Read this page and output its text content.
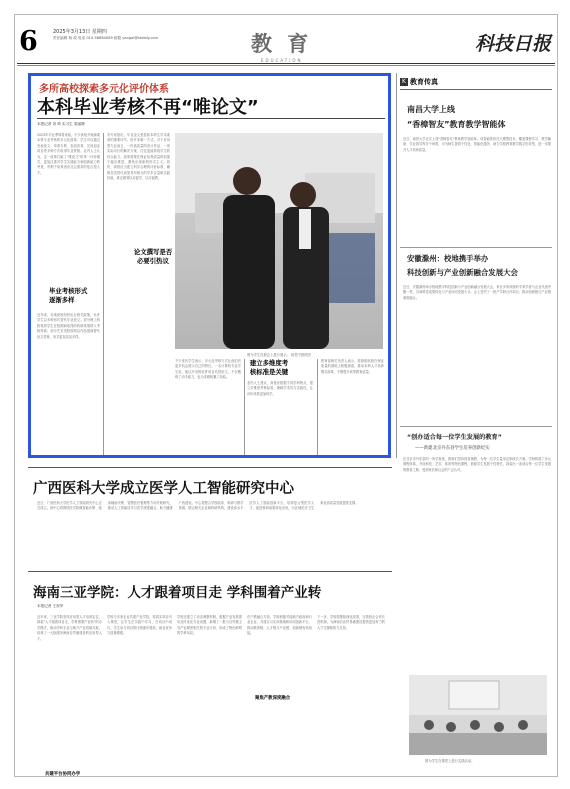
6	2025年3月13日 星期四
责任编辑 杨 改 电话 010-58884089 邮箱 yangai@stdaily.com	教 育
EDUCATION
科技日报
多所高校探索多元化评价体系
本科毕业考核不再“唯论文”
本报记者 刘 琦 实习生 梁丽静
2025年毕业季即将来临，不少高校开始探索本科毕业考核的多元化改革，学生可以通过发表论文、申请专利、参加竞赛、完成创业项目等多种方式取得毕业资格。业内人士认为，这一改革打破了"唯论文"的单一评价模式，更加注重对学生实践能力和创新能力的考查，有利于培养适应社会需求的复合型人才。
毕业考核形式逐渐多样
近年来，各地高校纷纷出台相关政策，允许学生以多种形式替代毕业论文。部分理工科院校将学生在校期间取得的科研成果纳入考核体系；部分艺术类院校则以作品展演替代论文答辩，形式更加灵活多样。
有专家指出，毕业论文是检验本科生学术素养的重要环节，但并非唯一方式。对于应用型专业而言，一份高质量的设计作品、一项实际可行的解决方案，往往更能体现学生的综合能力。改革需要在保证培养质量的前提下稳步推进，避免出现新的形式主义。同时，高校应当建立科学合理的评价标准，确保各类替代成果具有相当的学术含量和实践价值，真正做到以评促学、以评促教。
图为学生在展会上进行展示。 视觉中国供图
论文撰写是否必要引热议
不少受访学生表示，多元化考核方式让他们有更多机会展示自己的特长。一名计算机专业学生说，他以开发的软件项目代替论文，不仅锻炼了动手能力，也为求职积累了经验。
建立多维度考核标准是关键
业内人士建议，高校应根据不同学科特点，建立多维度考核标准，兼顾学术性与实践性，让评价体系更加科学。
教育部相关负责人表示，将鼓励高校在保证质量的基础上积极探索，推动本科人才培养模式改革，不断提升高等教育质量。
K 教育传真
南昌大学上线
“香樟智友”教育教学智能体
近日，南昌大学正式上线"香樟智友"教育教学智能体。该智能体依托大模型技术，覆盖课程学习、教学辅助、学业指导等多个场景，可为师生提供个性化、智能化服务，助力学校教育教学数字化转型，进一步提升人才培养质量。
安徽滁州：校地携手举办
科技创新与产业创新融合发展大会
近日，安徽滁州举办校地携手科技创新与产业创新融合发展大会，来自多所高校的专家学者与企业代表齐聚一堂，共商科技成果转化与产业协同发展大计。会上签约了一批产学研合作项目，推动创新链与产业链深度融合。
“创办适合每一位学生发展的教育”
——新建北京丹东县学生培养创新纪实
在北京市丹东县的一所学校里，教师们坚持因材施教，为每一位学生量身定制成长方案。学校构建了多元课程体系，开设科技、艺术、体育等特色课程，鼓励学生发展个性特长，探索出一条适合每一位学生发展的教育之路，受到家长和社会的广泛认可。
图为学生在课堂上进行实践活动。
广西医科大学成立医学人工智能研究中心
近日，广西医科大学医学人工智能研究中心正式成立。该中心将围绕医学影像智能诊断、临床辅助决策、智慧医疗管理等方向开展研究，推动人工智能技术与医学深度融合，助力健康广西建设。中心将整合学校临床、科研与教学资源，联合相关企业和科研机构，建设高水平医学人工智能创新平台，培养复合型医学人才，促进科研成果转化应用，为区域医疗卫生事业高质量发展提供支撑。
海南三亚学院：人才跟着项目走 学科围着产业转
本报记者 王祝华
近年来，三亚学院坚持应用型人才培养定位，探索"人才跟着项目走，学科围着产业转"的办学模式，推动学科专业与地方产业同频共振，培养了一大批服务海南自贸港建设的应用型人才。
共建平台协同办学
学校与多家企业共建产业学院，将真实项目引入课堂，让学生在实践中学习，在项目中成长。学生参与项目的比例逐年提高，就业竞争力显著增强。
学校还建立了动态调整机制，根据产业发展需求及时优化专业设置，新增了一批与自贸港主导产业紧密相关的专业方向，形成了特色鲜明的学科布局。
聚焦产教深度融合
在产教融合方面，学校积极对接地方政府和行业企业，共建实习实训基地和协同创新平台，推动教育链、人才链与产业链、创新链有机衔接。
下一步，学校将继续深化改革，完善校企合作长效机制，为海南自由贸易港建设提供更加有力的人才支撑和智力支持。
